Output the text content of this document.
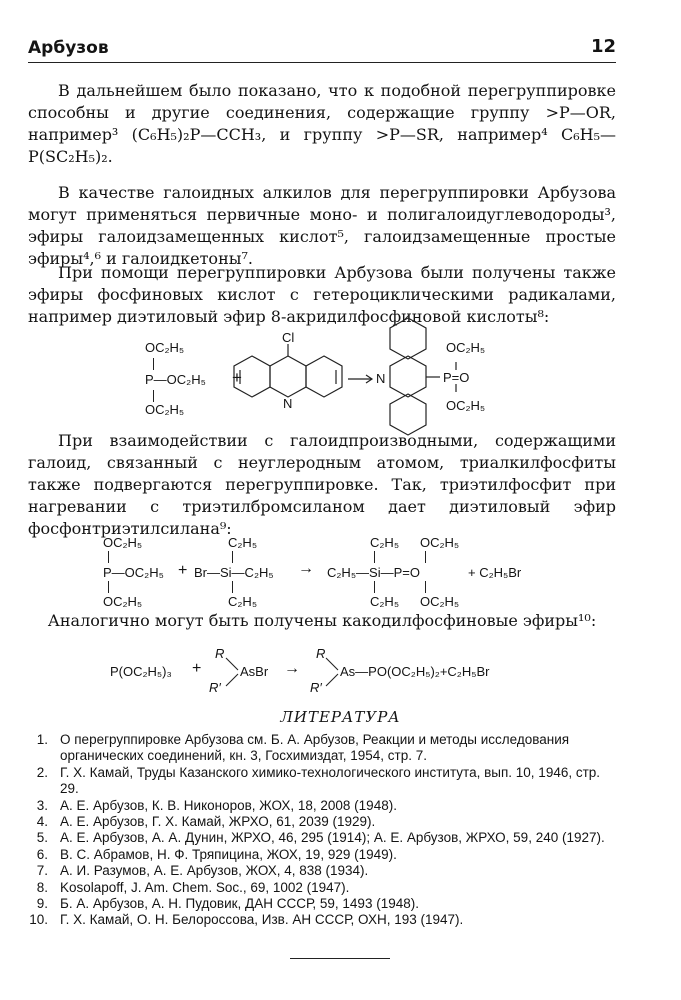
Арбузов	12

В дальнейшем было показано, что к подобной перегруппировке способны и другие соединения, содержащие группу >P—OR, например³ (C₆H₅)₂P—CCH₃, и группу >P—SR, например⁴ C₆H₅—P(SC₂H₅)₂.

В качестве галоидных алкилов для перегруппировки Арбузова могут применяться первичные моно- и полигалоидуглеводороды³, эфиры галоидзамещенных кислот⁵, галоидзамещенные простые эфиры⁴,⁶ и галоидкетоны⁷.

При помощи перегруппировки Арбузова были получены также эфиры фосфиновых кислот с гетероциклическими радикалами, например диэтиловый эфир 8-акридилфосфиновой кислоты⁸:

OC₂H₅
P—OC₂H₅
OC₂H₅
+
Cl
N
N
OC₂H₅
P=O
OC₂H₅

При взаимодействии с галоидпроизводными, содержащими галоид, связанный с неуглеродным атомом, триалкилфосфиты также подвергаются перегруппировке. Так, триэтилфосфит при нагревании с триэтилбромсиланом дает диэтиловый эфир фосфонтриэтилсилана⁹:

OC₂H₅
P—OC₂H₅
OC₂H₅
+
C₂H₅
Br—Si—C₂H₅
C₂H₅
→
C₂H₅ OC₂H₅
C₂H₅—Si—P=O	+ C₂H₅Br
C₂H₅ OC₂H₅

Аналогично могут быть получены какодилфосфиновые эфиры¹⁰:

P(OC₂H₅)₃ +
R
R′
AsBr →
R
R′
As—PO(OC₂H₅)₂+C₂H₅Br
ЛИТЕРАТУРА
1. О перегруппировке Арбузова см. Б. А. Арбузов, Реакции и методы исследования органических соединений, кн. 3, Госхимиздат, 1954, стр. 7.
2. Г. Х. Камай, Труды Казанского химико-технологического института, вып. 10, 1946, стр. 29.
3. А. Е. Арбузов, К. В. Никоноров, ЖОХ, 18, 2008 (1948).
4. А. Е. Арбузов, Г. Х. Камай, ЖРХО, 61, 2039 (1929).
5. А. Е. Арбузов, А. А. Дунин, ЖРХО, 46, 295 (1914); А. Е. Арбузов, ЖРХО, 59, 240 (1927).
6. В. С. Абрамов, Н. Ф. Тряпицина, ЖОХ, 19, 929 (1949).
7. А. И. Разумов, А. Е. Арбузов, ЖОХ, 4, 838 (1934).
8. Kosolapoff, J. Am. Chem. Soc., 69, 1002 (1947).
9. Б. А. Арбузов, А. Н. Пудовик, ДАН СССР, 59, 1493 (1948).
10. Г. Х. Камай, О. Н. Белороссова, Изв. АН СССР, ОХН, 193 (1947).
